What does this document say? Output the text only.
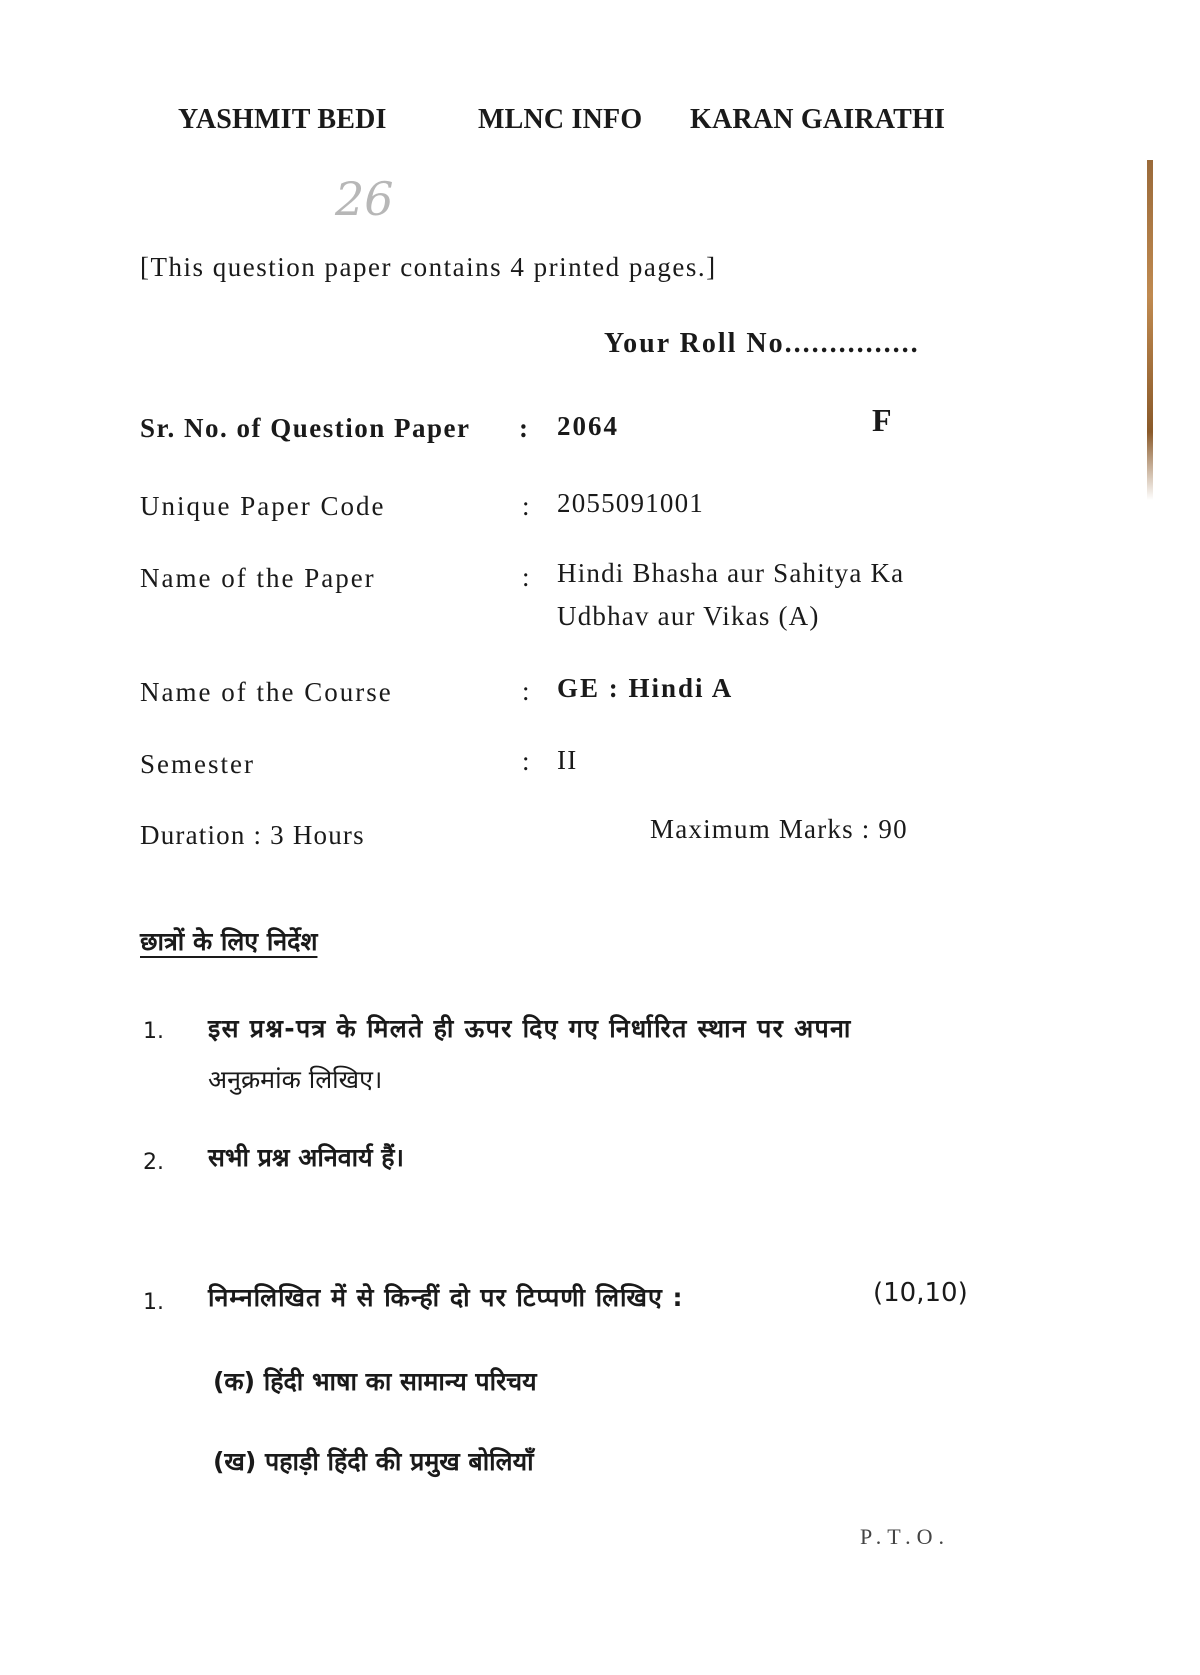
YASHMIT BEDI	MLNC INFO KARAN GAIRATHI
26
[This question paper contains 4 printed pages.]
Your Roll No...............
Sr. No. of Question Paper : 2064	F
Unique Paper Code	: 2055091001
Name of the Paper	: Hindi Bhasha aur Sahitya Ka
Udbhav aur Vikas (A)
Name of the Course	: GE : Hindi A
Semester	: II
Duration : 3 Hours	Maximum Marks : 90
छात्रों के लिए निर्देश
1. इस प्रश्न-पत्र के मिलते ही ऊपर दिए गए निर्धारित स्थान पर अपना
अनुक्रमांक लिखिए।
2. सभी प्रश्न अनिवार्य हैं।
1. निम्नलिखित में से किन्हीं दो पर टिप्पणी लिखिए :	(10,10)
(क) हिंदी भाषा का सामान्य परिचय
(ख) पहाड़ी हिंदी की प्रमुख बोलियाँ
P.T.O.
